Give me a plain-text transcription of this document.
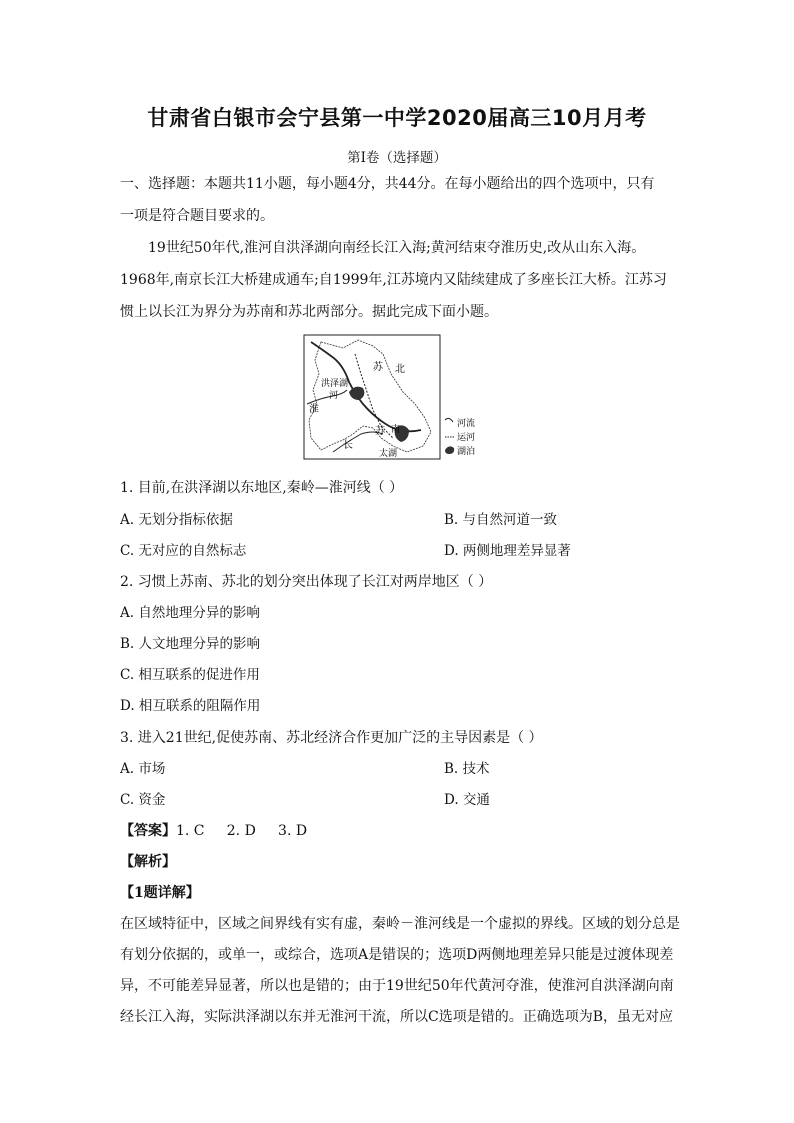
甘肃省白银市会宁县第一中学2020届高三10月月考
第I卷（选择题）
一、选择题：本题共11小题，每小题4分，共44分。在每小题给出的四个选项中，只有
一项是符合题目要求的。
19世纪50年代,淮河自洪泽湖向南经长江入海;黄河结束夺淮历史,改从山东入海。
1968年,南京长江大桥建成通车;自1999年,江苏境内又陆续建成了多座长江大桥。江苏习
惯上以长江为界分为苏南和苏北两部分。据此完成下面小题。
苏 北
洪泽湖
河
淮
长
苏 南
太湖
河流
运河
湖泊
1. 目前,在洪泽湖以东地区,秦岭—淮河线（ ）
A. 无划分指标依据	B. 与自然河道一致
C. 无对应的自然标志	D. 两侧地理差异显著
2. 习惯上苏南、苏北的划分突出体现了长江对两岸地区（ ）
A. 自然地理分异的影响
B. 人文地理分异的影响
C. 相互联系的促进作用
D. 相互联系的阻隔作用
3. 进入21世纪,促使苏南、苏北经济合作更加广泛的主导因素是（ ）
A. 市场	B. 技术
C. 资金	D. 交通
【答案】1. C     2. D     3. D
【解析】
【1题详解】
在区域特征中，区域之间界线有实有虚，秦岭－淮河线是一个虚拟的界线。区域的划分总是
有划分依据的，或单一，或综合，选项A是错误的；选项D两侧地理差异只能是过渡体现差
异，不可能差异显著，所以也是错的；由于19世纪50年代黄河夺淮，使淮河自洪泽湖向南
经长江入海，实际洪泽湖以东并无淮河干流，所以C选项是错的。正确选项为B，虽无对应
